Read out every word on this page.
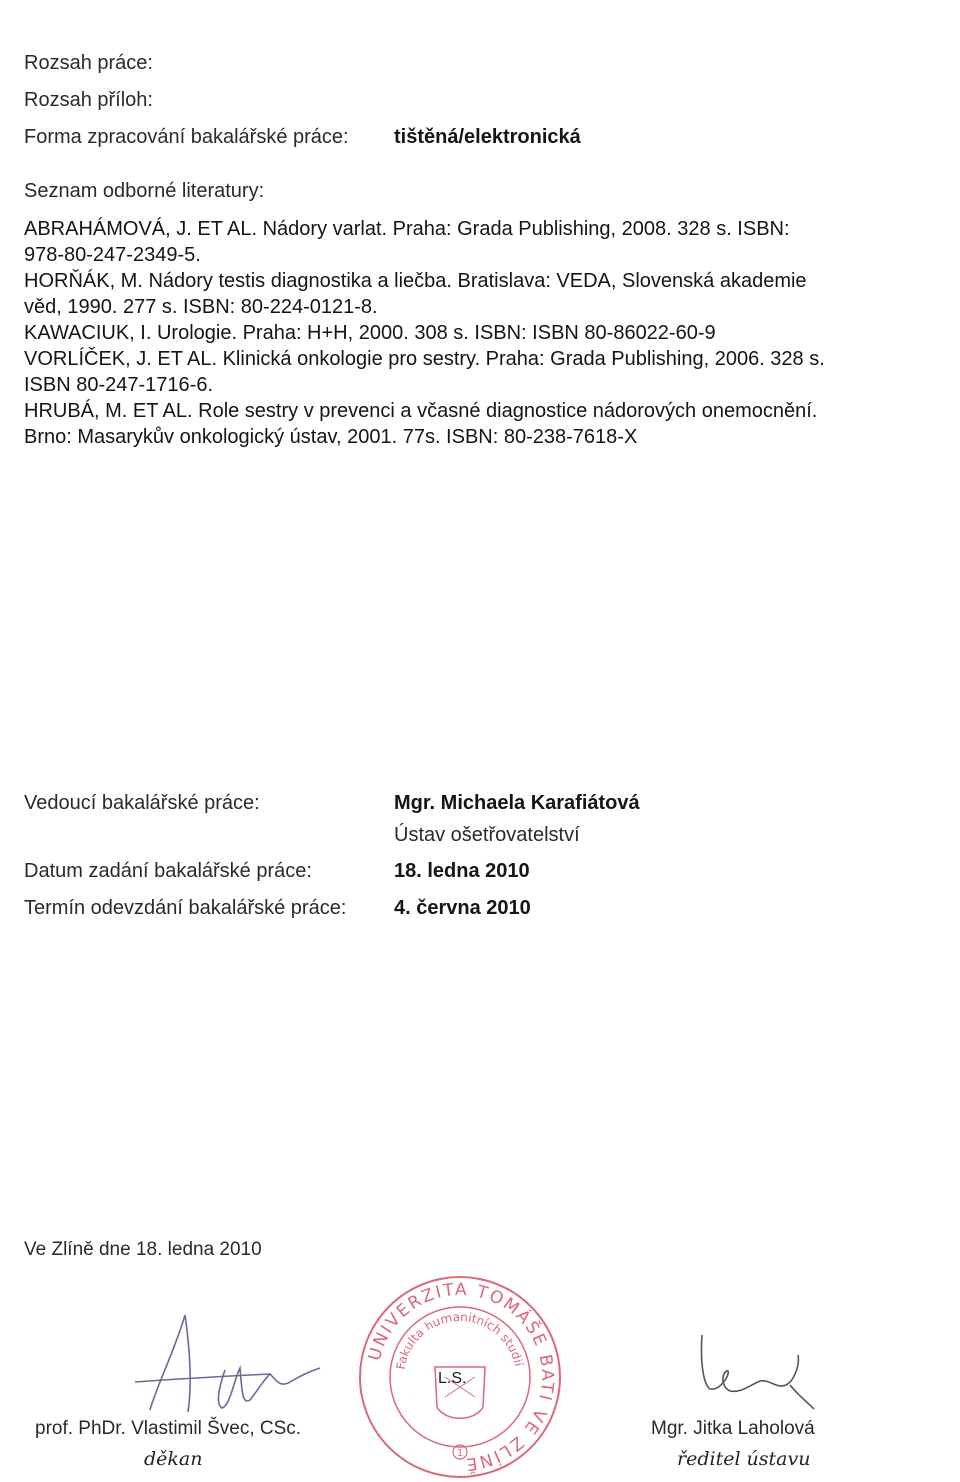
Rozsah práce:
Rozsah příloh:
Forma zpracování bakalářské práce: tištěná/elektronická
Seznam odborné literatury:
ABRAHÁMOVÁ, J. ET AL. Nádory varlat. Praha: Grada Publishing, 2008. 328 s. ISBN:
978-80-247-2349-5.
HORŇÁK, M. Nádory testis diagnostika a liečba. Bratislava: VEDA, Slovenská akademie
věd, 1990. 277 s. ISBN: 80-224-0121-8.
KAWACIUK, I. Urologie. Praha: H+H, 2000. 308 s. ISBN: ISBN 80-86022-60-9
VORLÍČEK, J. ET AL. Klinická onkologie pro sestry. Praha: Grada Publishing, 2006. 328 s.
ISBN 80-247-1716-6.
HRUBÁ, M. ET AL. Role sestry v prevenci a včasné diagnostice nádorových onemocnění.
Brno: Masarykův onkologický ústav, 2001. 77s. ISBN: 80-238-7618-X
Vedoucí bakalářské práce:	Mgr. Michaela Karafiátová
Ústav ošetřovatelství
Datum zadání bakalářské práce:	18. ledna 2010
Termín odevzdání bakalářské práce: 4. června 2010
Ve Zlíně dne 18. ledna 2010
UNIVERZITA TOMÁŠE BATI VE ZLÍNĚ
Fakulta humanitních studií
1
L.S.
prof. PhDr. Vlastimil Švec, CSc.
děkan
Mgr. Jitka Laholová
ředitel ústavu
